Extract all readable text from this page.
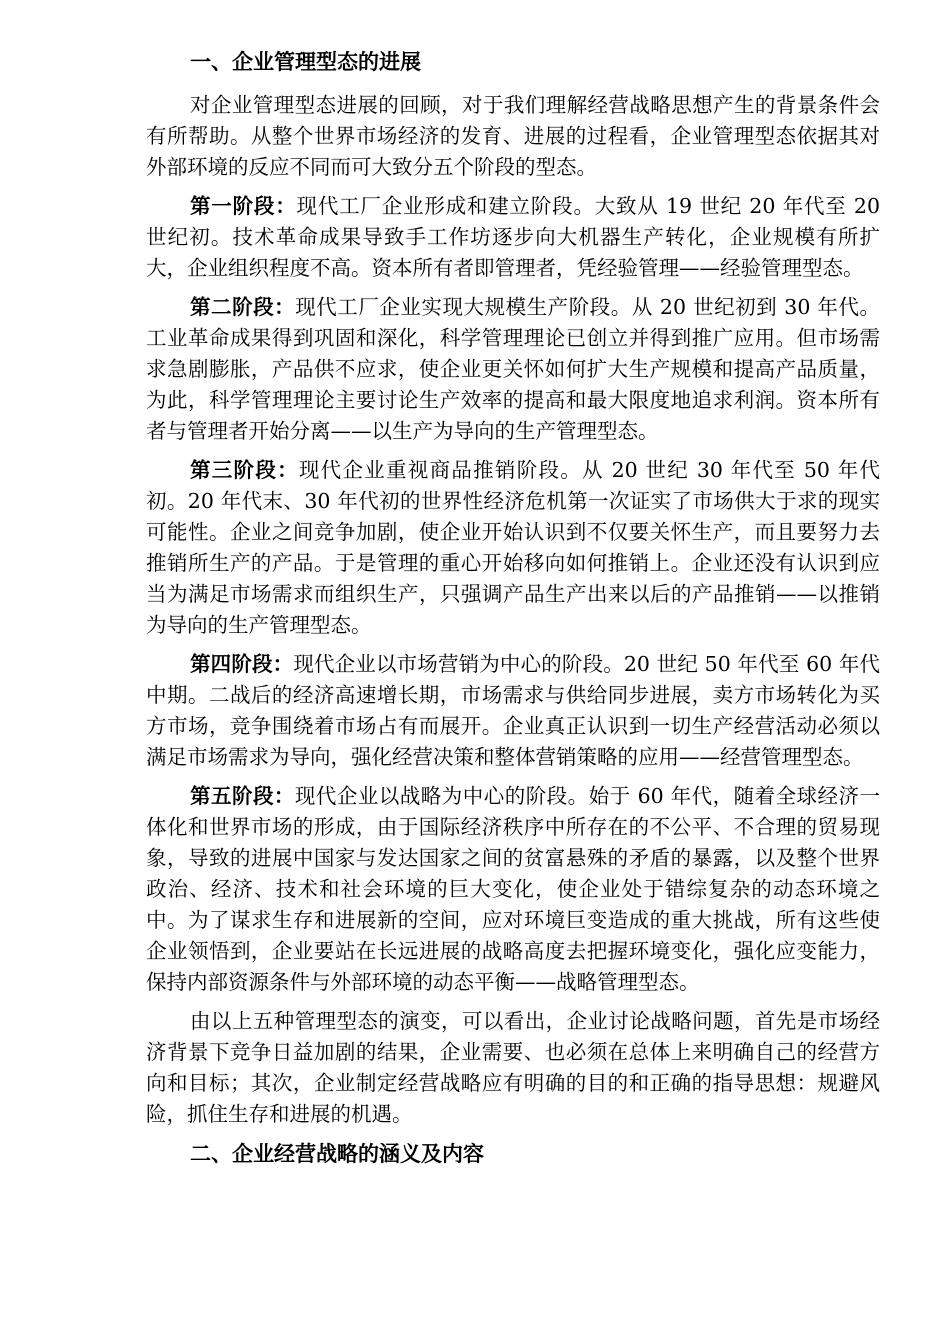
一、企业管理型态的进展

对企业管理型态进展的回顾，对于我们理解经营战略思想产生的背景条件会有所帮助。从整个世界市场经济的发育、进展的过程看，企业管理型态依据其对外部环境的反应不同而可大致分五个阶段的型态。

第一阶段：现代工厂企业形成和建立阶段。大致从 19 世纪 20 年代至 20 世纪初。技术革命成果导致手工作坊逐步向大机器生产转化，企业规模有所扩大，企业组织程度不高。资本所有者即管理者，凭经验管理——经验管理型态。

第二阶段：现代工厂企业实现大规模生产阶段。从 20 世纪初到 30 年代。工业革命成果得到巩固和深化，科学管理理论已创立并得到推广应用。但市场需求急剧膨胀，产品供不应求，使企业更关怀如何扩大生产规模和提高产品质量，为此，科学管理理论主要讨论生产效率的提高和最大限度地追求利润。资本所有者与管理者开始分离——以生产为导向的生产管理型态。

第三阶段：现代企业重视商品推销阶段。从 20 世纪 30 年代至 50 年代初。20 年代末、30 年代初的世界性经济危机第一次证实了市场供大于求的现实可能性。企业之间竞争加剧，使企业开始认识到不仅要关怀生产，而且要努力去推销所生产的产品。于是管理的重心开始移向如何推销上。企业还没有认识到应当为满足市场需求而组织生产，只强调产品生产出来以后的产品推销——以推销为导向的生产管理型态。

第四阶段：现代企业以市场营销为中心的阶段。20 世纪 50 年代至 60 年代中期。二战后的经济高速增长期，市场需求与供给同步进展，卖方市场转化为买方市场，竞争围绕着市场占有而展开。企业真正认识到一切生产经营活动必须以满足市场需求为导向，强化经营决策和整体营销策略的应用——经营管理型态。

第五阶段：现代企业以战略为中心的阶段。始于 60 年代，随着全球经济一体化和世界市场的形成，由于国际经济秩序中所存在的不公平、不合理的贸易现象，导致的进展中国家与发达国家之间的贫富悬殊的矛盾的暴露，以及整个世界政治、经济、技术和社会环境的巨大变化，使企业处于错综复杂的动态环境之中。为了谋求生存和进展新的空间，应对环境巨变造成的重大挑战，所有这些使企业领悟到，企业要站在长远进展的战略高度去把握环境变化，强化应变能力，保持内部资源条件与外部环境的动态平衡——战略管理型态。

由以上五种管理型态的演变，可以看出，企业讨论战略问题，首先是市场经济背景下竞争日益加剧的结果，企业需要、也必须在总体上来明确自己的经营方向和目标；其次，企业制定经营战略应有明确的目的和正确的指导思想：规避风险，抓住生存和进展的机遇。

二、企业经营战略的涵义及内容
